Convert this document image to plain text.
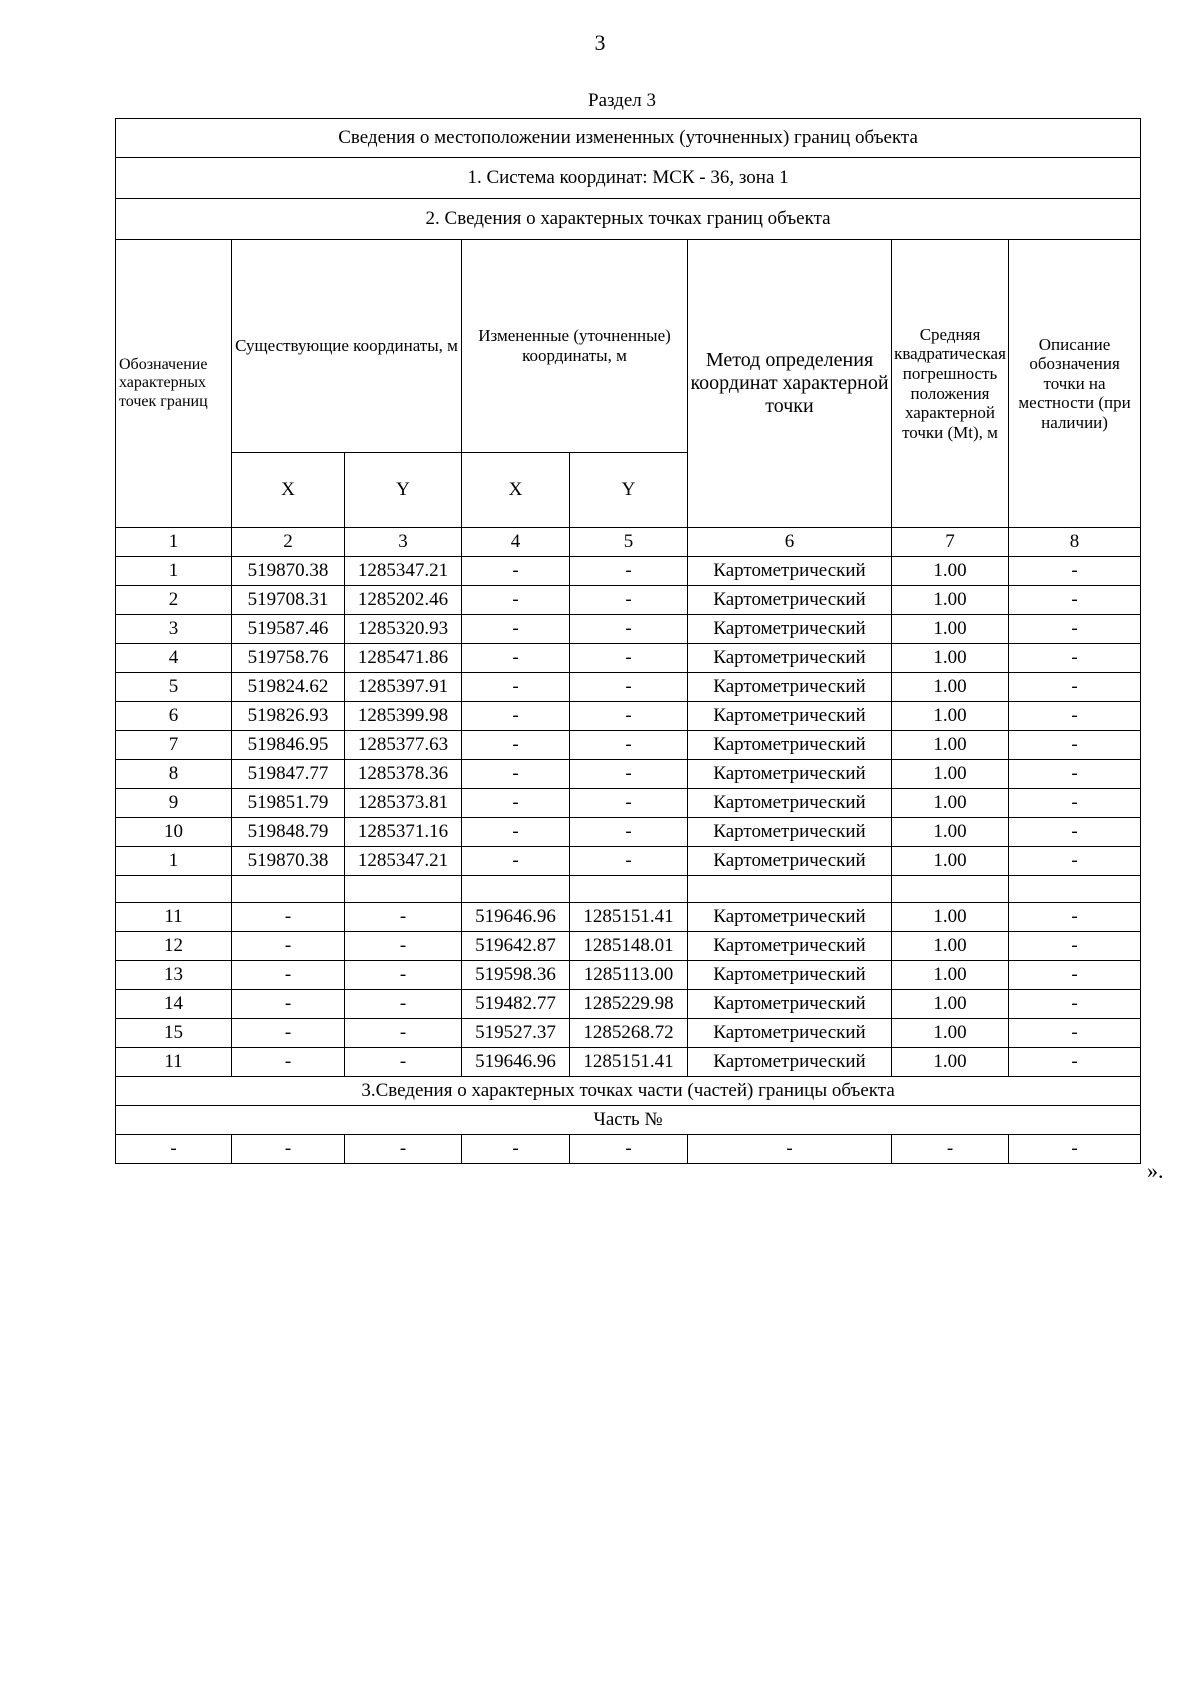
3
Раздел 3
Сведения о местоположении измененных (уточненных) границ объекта							
1. Система координат: МСК - 36, зона 1							
2. Сведения о характерных точках границ объекта							
Обозначение характерных точек границ	Существующие координаты, м		Измененные (уточненные) координаты, м		Метод определения координат характерной точки	Средняя квадратическая погрешность положения характерной точки (Mt), м	Описание обозначения точки на местности (при наличии)
	X	Y	X	Y			
1	2	3	4	5	6	7	8
1	519870.38	1285347.21	-	-	Картометрический	1.00	-
2	519708.31	1285202.46	-	-	Картометрический	1.00	-
3	519587.46	1285320.93	-	-	Картометрический	1.00	-
4	519758.76	1285471.86	-	-	Картометрический	1.00	-
5	519824.62	1285397.91	-	-	Картометрический	1.00	-
6	519826.93	1285399.98	-	-	Картометрический	1.00	-
7	519846.95	1285377.63	-	-	Картометрический	1.00	-
8	519847.77	1285378.36	-	-	Картометрический	1.00	-
9	519851.79	1285373.81	-	-	Картометрический	1.00	-
10	519848.79	1285371.16	-	-	Картометрический	1.00	-
1	519870.38	1285347.21	-	-	Картометрический	1.00	-

11	-	-	519646.96	1285151.41	Картометрический	1.00	-
12	-	-	519642.87	1285148.01	Картометрический	1.00	-
13	-	-	519598.36	1285113.00	Картометрический	1.00	-
14	-	-	519482.77	1285229.98	Картометрический	1.00	-
15	-	-	519527.37	1285268.72	Картометрический	1.00	-
11	-	-	519646.96	1285151.41	Картометрический	1.00	-
3.Сведения о характерных точках части (частей) границы объекта							
Часть №							
-	-	-	-	-	-	-	-
».
